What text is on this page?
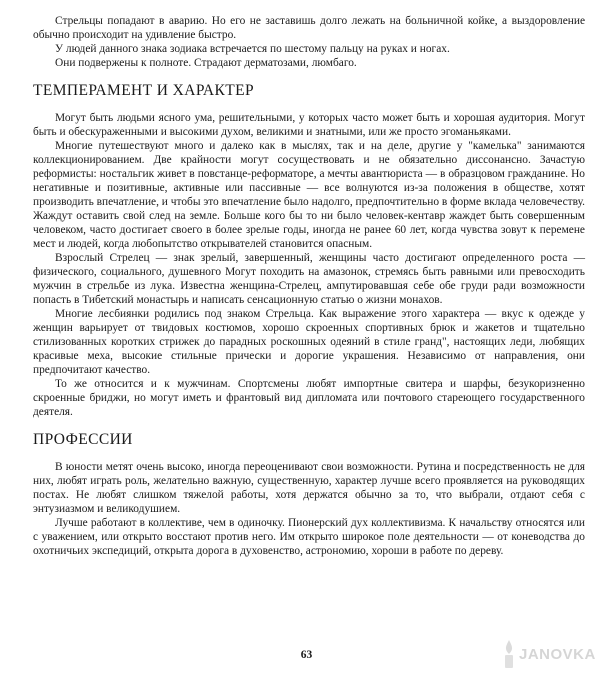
Стрельцы попадают в аварию. Но его не заставишь долго лежать на больничной койке, а выздоровление обычно происходит на удивление быстро.

У людей данного знака зодиака встречается по шестому пальцу на руках и ногах.

Они подвержены к полноте. Страдают дерматозами, люмбаго.

ТЕМПЕРАМЕНТ И ХАРАКТЕР

Могут быть людьми ясного ума, решительными, у которых часто может быть и хорошая аудитория. Могут быть и обескураженными и высокими духом, великими и знатными, или же просто эгоманьяками.

Многие путешествуют много и далеко как в мыслях, так и на деле, другие у "камелька" занимаются коллекционированием. Две крайности могут сосуществовать и не обязательно диссонансно. Зачастую реформисты: ностальгик живет в повстанце-реформаторе, а мечты авантюриста — в образцовом гражданине. Но негативные и позитивные, активные или пассивные — все волнуются из-за положения в обществе, хотят производить впечатление, и чтобы это впечатление было надолго, предпочтительно в форме вклада человечеству. Жаждут оставить свой след на земле. Больше кого бы то ни было человек-кентавр жаждет быть совершенным человеком, часто достигает своего в более зрелые годы, иногда не ранее 60 лет, когда чувства зовут к перемене мест и людей, когда любопытство открывателей становится опасным.

Взрослый Стрелец — знак зрелый, завершенный, женщины часто достигают определенного роста — физического, социального, душевного Могут походить на амазонок, стремясь быть равными или превосходить мужчин в стрельбе из лука. Известна женщина-Стрелец, ампутировавшая себе обе груди ради возможности попасть в Тибетский монастырь и написать сенсационную статью о жизни монахов.

Многие лесбиянки родились под знаком Стрельца. Как выражение этого характера — вкус к одежде у женщин варьирует от твидовых костюмов, хорошо скроенных спортивных брюк и жакетов и тщательно стилизованных коротких стрижек до парадных роскошных одеяний в стиле гранд", настоящих леди, любящих красивые меха, высокие стильные прически и дорогие украшения. Независимо от направления, они предпочитают качество.

То же относится и к мужчинам. Спортсмены любят импортные свитера и шарфы, безукоризненно скроенные бриджи, но могут иметь и франтовый вид дипломата или почтового стареющего государственного деятеля.

ПРОФЕССИИ

В юности метят очень высоко, иногда переоценивают свои возможности. Рутина и посредственность не для них, любят играть роль, желательно важную, существенную, характер лучше всего проявляется на руководящих постах. Не любят слишком тяжелой работы, хотя держатся обычно за то, что выбрали, отдают себя с энтузиазмом и великодушием.

Лучше работают в коллективе, чем в одиночку. Пионерский дух коллективизма. К начальству относятся или с уважением, или открыто восстают против него. Им открыто широкое поле деятельности — от коневодства до охотничьих экспедиций, открыта дорога в духовенство, астрономию, хороши в работе по дереву.

63	JANOVKA
